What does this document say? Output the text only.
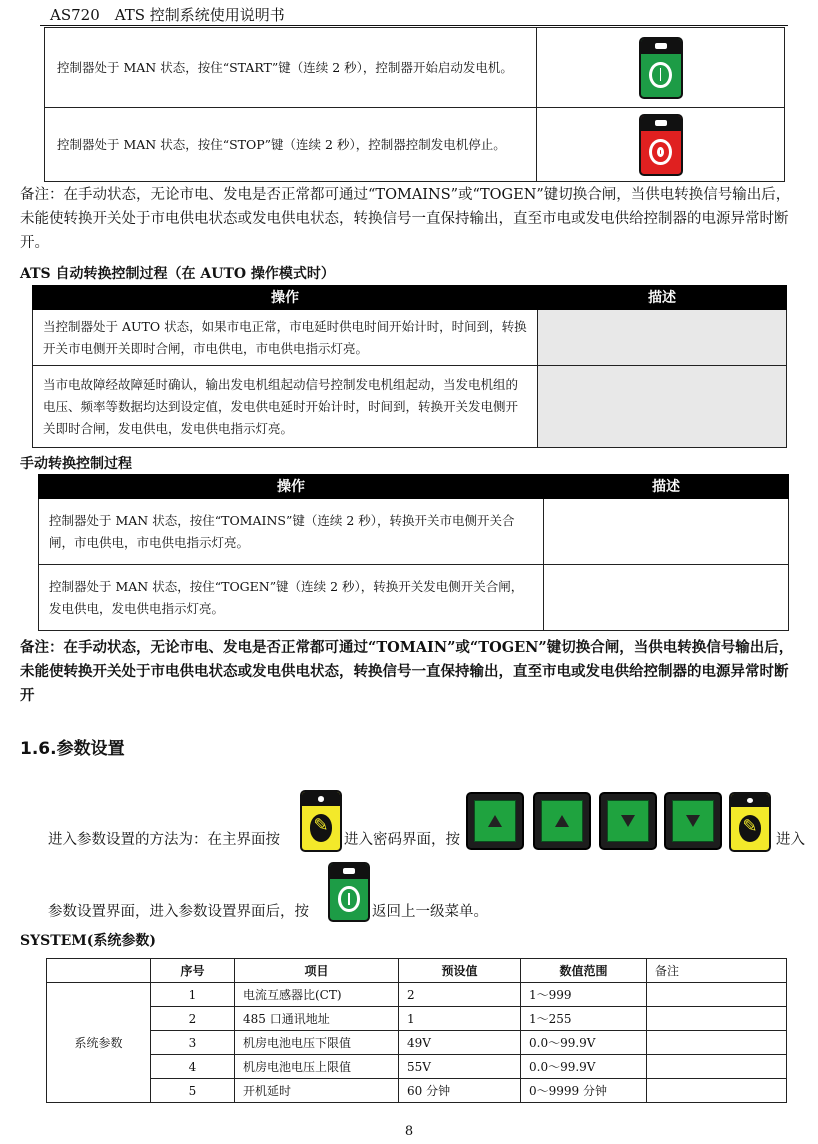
AS720　ATS 控制系统使用说明书
控制器处于 MAN 状态，按住“START”键（连续 2 秒），控制器开始启动发电机。	

控制器处于 MAN 状态，按住“STOP”键（连续 2 秒），控制器控制发电机停止。	
备注：在手动状态，无论市电、发电是否正常都可通过“TOMAINS”或“TOGEN”键切换合闸，当供电转换信号输出后，未能使转换开关处于市电供电状态或发电供电状态，转换信号一直保持输出，直至市电或发电供给控制器的电源异常时断开。
ATS 自动转换控制过程（在 AUTO 操作模式时）
操作	描述
当控制器处于 AUTO 状态，如果市电正常，市电延时供电时间开始计时，时间到，转换开关市电侧开关即时合闸，市电供电，市电供电指示灯亮。	
当市电故障经故障延时确认，输出发电机组起动信号控制发电机组起动，当发电机组的电压、频率等数据均达到设定值，发电供电延时开始计时，时间到，转换开关发电侧开关即时合闸，发电供电，发电供电指示灯亮。	
手动转换控制过程
操作	描述
控制器处于 MAN 状态，按住“TOMAINS”键（连续 2 秒），转换开关市电侧开关合闸，市电供电，市电供电指示灯亮。	
控制器处于 MAN 状态，按住“TOGEN”键（连续 2 秒），转换开关发电侧开关合闸，发电供电，发电供电指示灯亮。	
备注：在手动状态，无论市电、发电是否正常都可通过“TOMAIN”或“TOGEN”键切换合闸，当供电转换信号输出后，未能使转换开关处于市电供电状态或发电供电状态，转换信号一直保持输出，直至市电或发电供给控制器的电源异常时断开
1.6.参数设置
进入参数设置的方法为：在主界面按
✎
进入密码界面，按
✎
进入
参数设置界面，进入参数设置界面后，按	返回上一级菜单。
SYSTEM(系统参数)
	序号	项目	预设值	数值范围	备注
系统参数	1	电流互感器比(CT)	2	1～999	
	2	485 口通讯地址	1	1～255	
	3	机房电池电压下限值	49V	0.0～99.9V	
	4	机房电池电压上限值	55V	0.0～99.9V	
	5	开机延时	60 分钟	0～9999 分钟	
8
